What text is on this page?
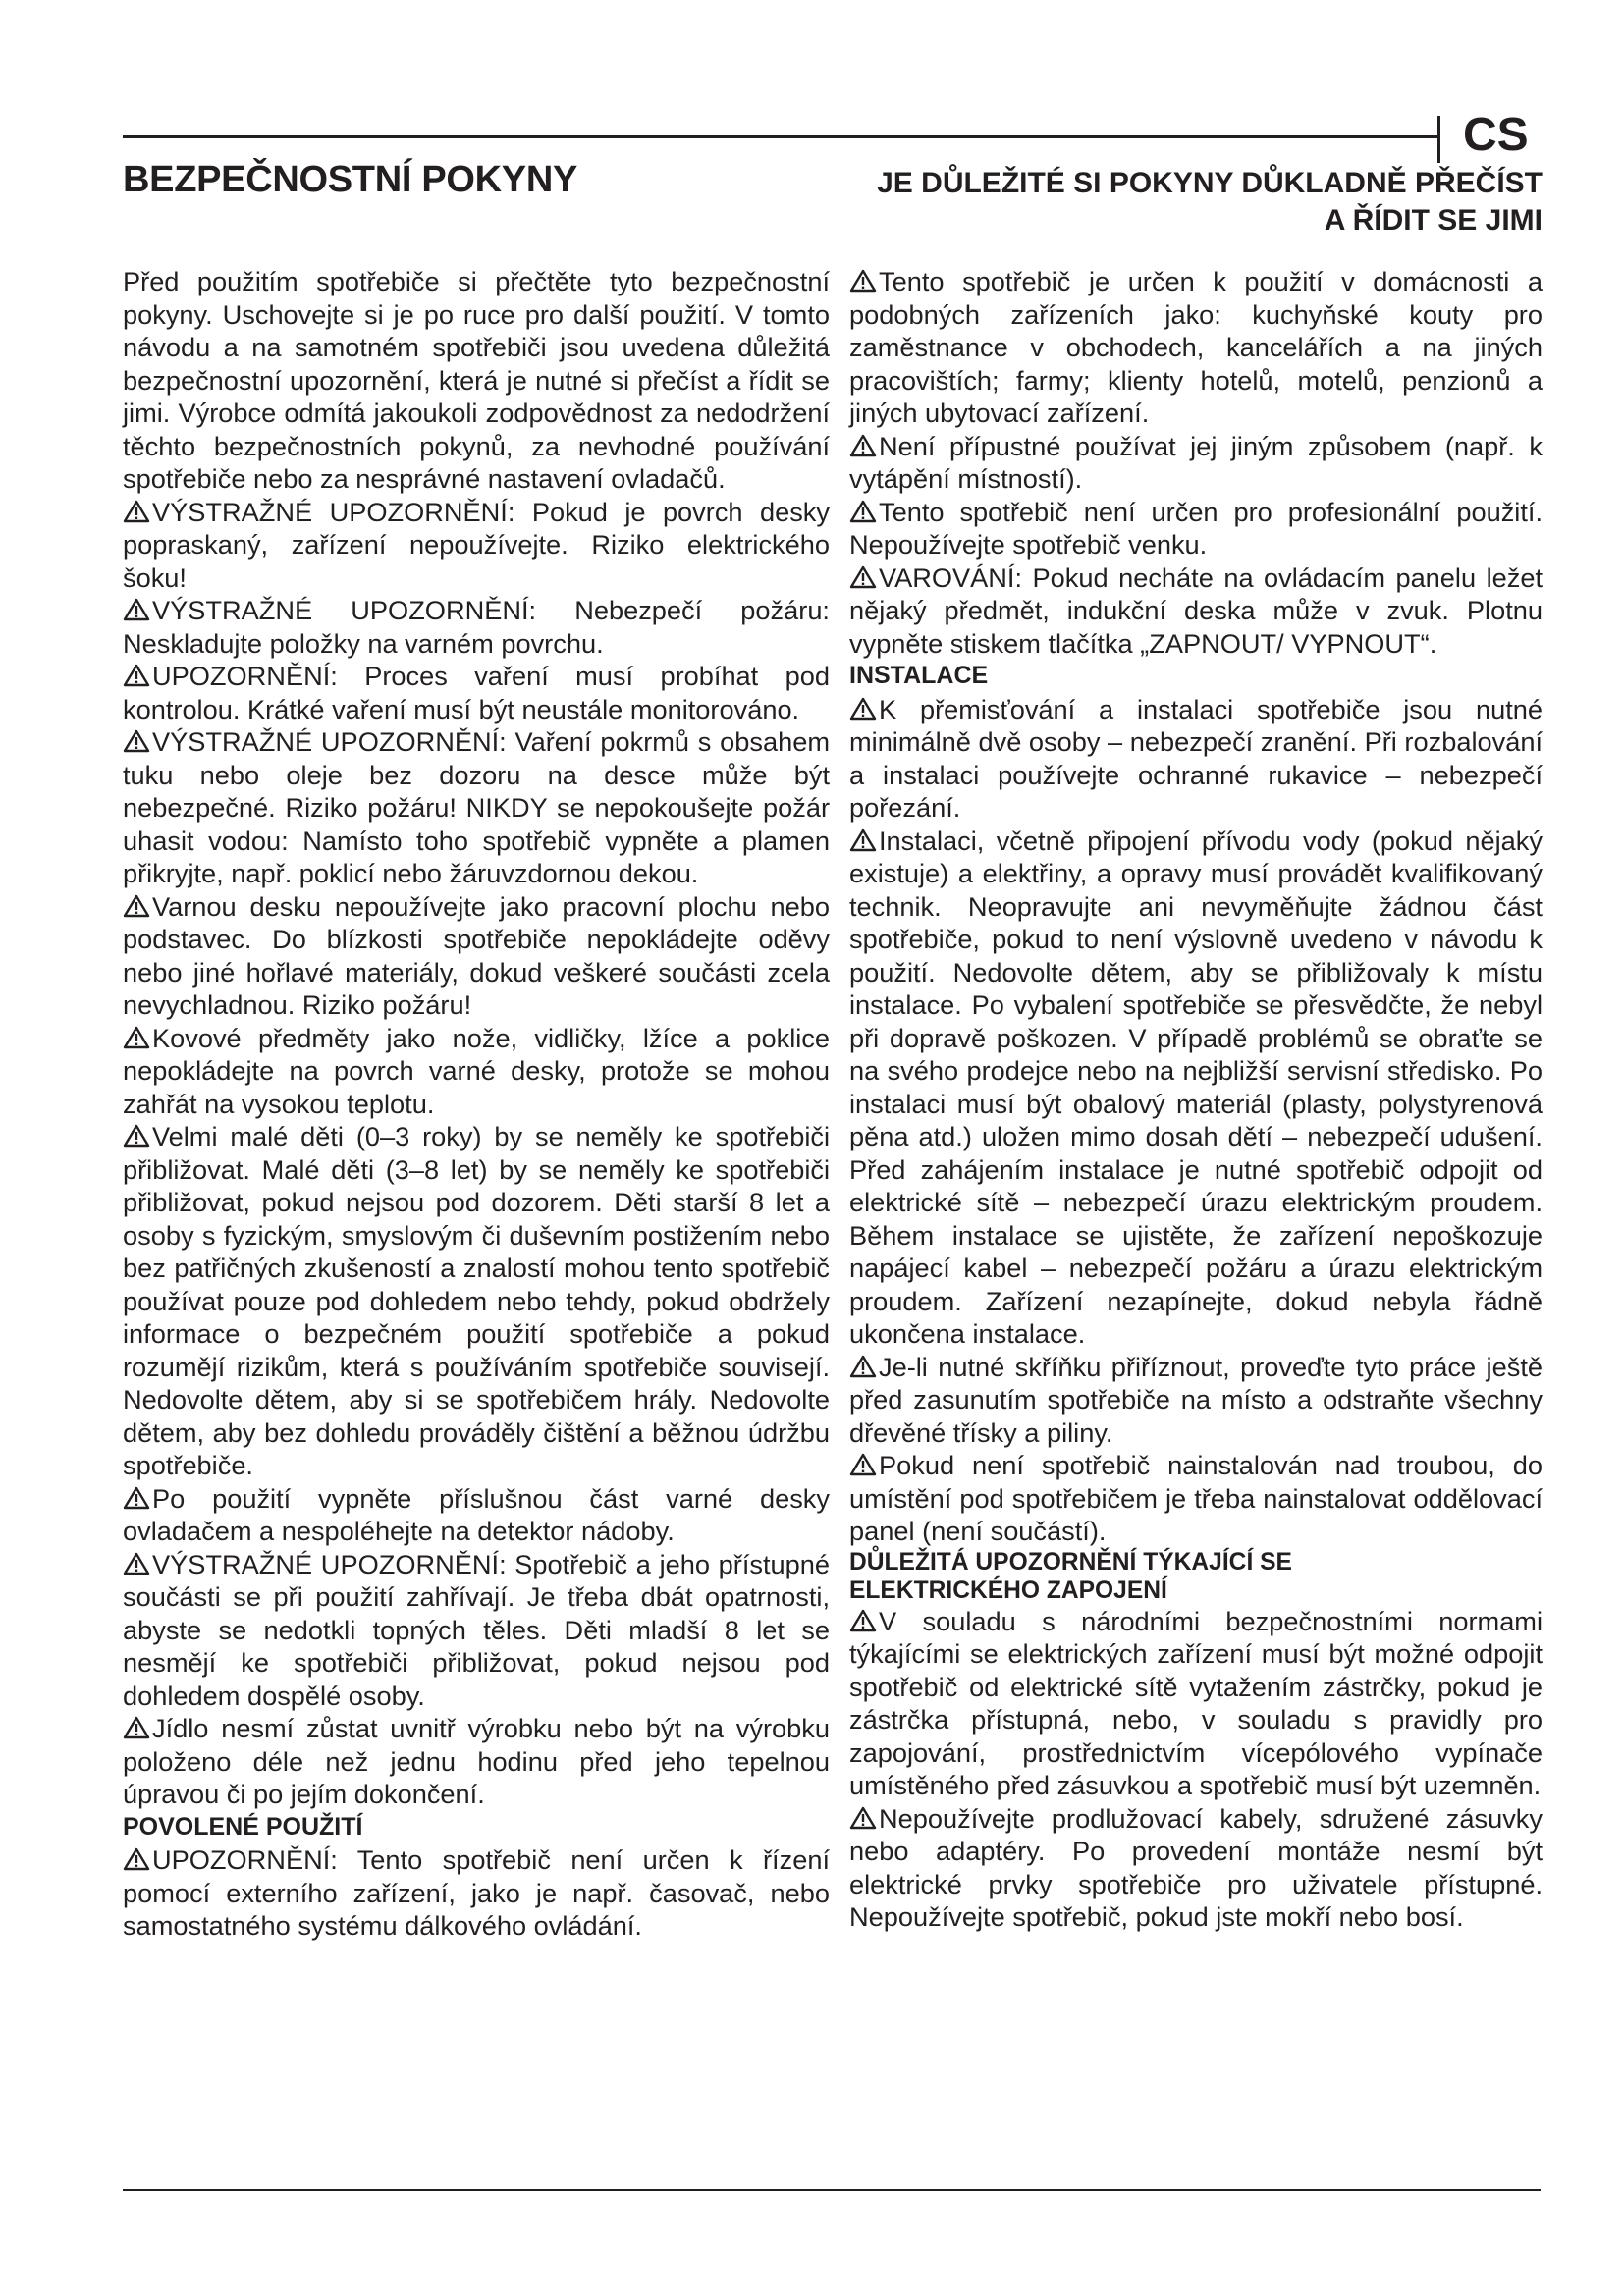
CS
BEZPEČNOSTNÍ POKYNY	JE DŮLEŽITÉ SI POKYNY DŮKLADNĚ PŘEČÍST
A ŘÍDIT SE JIMI

Před použitím spotřebiče si přečtěte tyto bezpečnostní pokyny. Uschovejte si je po ruce pro další použití. V tomto návodu a na samotném spotřebiči jsou uvedena důležitá bezpečnostní upozornění, která je nutné si přečíst a řídit se jimi. Výrobce odmítá jakoukoli zodpovědnost za nedodržení těchto bezpečnostních pokynů, za nevhodné používání spotřebiče nebo za nesprávné nastavení ovladačů.

VÝSTRAŽNÉ UPOZORNĚNÍ: Pokud je povrch desky popraskaný, zařízení nepoužívejte. Riziko elektrického šoku!

VÝSTRAŽNÉ UPOZORNĚNÍ: Nebezpečí požáru: Neskladujte položky na varném povrchu.

UPOZORNĚNÍ: Proces vaření musí probíhat pod kontrolou. Krátké vaření musí být neustále monitorováno.

VÝSTRAŽNÉ UPOZORNĚNÍ: Vaření pokrmů s obsahem tuku nebo oleje bez dozoru na desce může být nebezpečné. Riziko požáru! NIKDY se nepokoušejte požár uhasit vodou: Namísto toho spotřebič vypněte a plamen přikryjte, např. poklicí nebo žáruvzdornou dekou.

Varnou desku nepoužívejte jako pracovní plochu nebo podstavec. Do blízkosti spotřebiče nepokládejte oděvy nebo jiné hořlavé materiály, dokud veškeré součásti zcela nevychladnou. Riziko požáru!

Kovové předměty jako nože, vidličky, lžíce a poklice nepokládejte na povrch varné desky, protože se mohou zahřát na vysokou teplotu.

Velmi malé děti (0–3 roky) by se neměly ke spotřebiči přibližovat. Malé děti (3–8 let) by se neměly ke spotřebiči přibližovat, pokud nejsou pod dozorem. Děti starší 8 let a osoby s fyzickým, smyslovým či duševním postižením nebo bez patřičných zkušeností a znalostí mohou tento spotřebič používat pouze pod dohledem nebo tehdy, pokud obdržely informace o bezpečném použití spotřebiče a pokud rozumějí rizikům, která s používáním spotřebiče souvisejí. Nedovolte dětem, aby si se spotřebičem hrály. Nedovolte dětem, aby bez dohledu prováděly čištění a běžnou údržbu spotřebiče.

Po použití vypněte příslušnou část varné desky ovladačem a nespoléhejte na detektor nádoby.

VÝSTRAŽNÉ UPOZORNĚNÍ: Spotřebič a jeho přístupné součásti se při použití zahřívají. Je třeba dbát opatrnosti, abyste se nedotkli topných těles. Děti mladší 8 let se nesmějí ke spotřebiči přibližovat, pokud nejsou pod dohledem dospělé osoby.

Jídlo nesmí zůstat uvnitř výrobku nebo být na výrobku položeno déle než jednu hodinu před jeho tepelnou úpravou či po jejím dokončení.

POVOLENÉ POUŽITÍ

UPOZORNĚNÍ: Tento spotřebič není určen k řízení pomocí externího zařízení, jako je např. časovač, nebo samostatného systému dálkového ovládání.

Tento spotřebič je určen k použití v domácnosti a podobných zařízeních jako: kuchyňské kouty pro zaměstnance v obchodech, kancelářích a na jiných pracovištích; farmy; klienty hotelů, motelů, penzionů a jiných ubytovací zařízení.

Není přípustné používat jej jiným způsobem (např. k vytápění místností).

Tento spotřebič není určen pro profesionální použití. Nepoužívejte spotřebič venku.

VAROVÁNÍ: Pokud necháte na ovládacím panelu ležet nějaký předmět, indukční deska může v zvuk. Plotnu vypněte stiskem tlačítka „ZAPNOUT/ VYPNOUT“.

INSTALACE

K přemisťování a instalaci spotřebiče jsou nutné minimálně dvě osoby – nebezpečí zranění. Při rozbalování a instalaci používejte ochranné rukavice – nebezpečí pořezání.

Instalaci, včetně připojení přívodu vody (pokud nějaký existuje) a elektřiny, a opravy musí provádět kvalifikovaný technik. Neopravujte ani nevyměňujte žádnou část spotřebiče, pokud to není výslovně uvedeno v návodu k použití. Nedovolte dětem, aby se přibližovaly k místu instalace. Po vybalení spotřebiče se přesvědčte, že nebyl při dopravě poškozen. V případě problémů se obraťte se na svého prodejce nebo na nejbližší servisní středisko. Po instalaci musí být obalový materiál (plasty, polystyrenová pěna atd.) uložen mimo dosah dětí – nebezpečí udušení. Před zahájením instalace je nutné spotřebič odpojit od elektrické sítě – nebezpečí úrazu elektrickým proudem. Během instalace se ujistěte, že zařízení nepoškozuje napájecí kabel – nebezpečí požáru a úrazu elektrickým proudem. Zařízení nezapínejte, dokud nebyla řádně ukončena instalace.

Je-li nutné skříňku přiříznout, proveďte tyto práce ještě před zasunutím spotřebiče na místo a odstraňte všechny dřevěné třísky a piliny.

Pokud není spotřebič nainstalován nad troubou, do umístění pod spotřebičem je třeba nainstalovat oddělovací panel (není součástí).

DŮLEŽITÁ UPOZORNĚNÍ TÝKAJÍCÍ SE
ELEKTRICKÉHO ZAPOJENÍ

V souladu s národními bezpečnostními normami týkajícími se elektrických zařízení musí být možné odpojit spotřebič od elektrické sítě vytažením zástrčky, pokud je zástrčka přístupná, nebo, v souladu s pravidly pro zapojování, prostřednictvím vícepólového vypínače umístěného před zásuvkou a spotřebič musí být uzemněn.

Nepoužívejte prodlužovací kabely, sdružené zásuvky nebo adaptéry. Po provedení montáže nesmí být elektrické prvky spotřebiče pro uživatele přístupné. Nepoužívejte spotřebič, pokud jste mokří nebo bosí.
